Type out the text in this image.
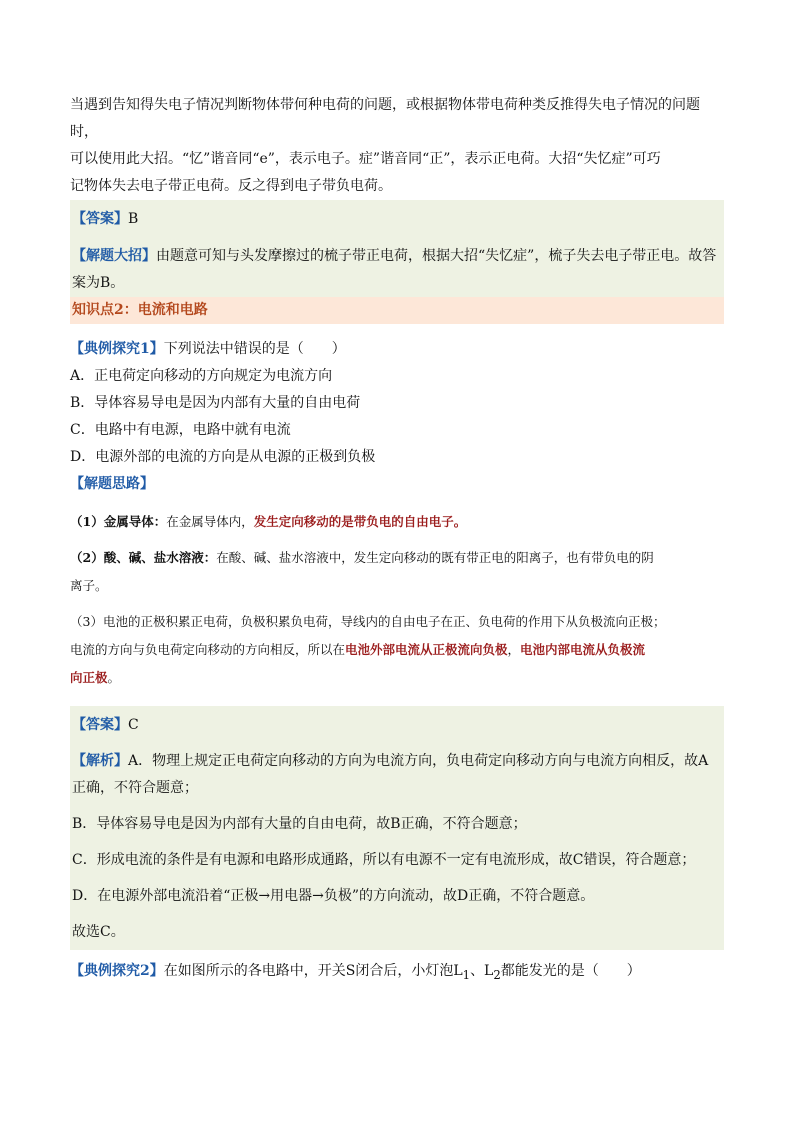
当遇到告知得失电子情况判断物体带何种电荷的问题，或根据物体带电荷种类反推得失电子情况的问题时，

可以使用此大招。“忆”谐音同“e”，表示电子。症”谐音同“正”，表示正电荷。大招“失忆症”可巧

记物体失去电子带正电荷。反之得到电子带负电荷。

【答案】B

【解题大招】由题意可知与头发摩擦过的梳子带正电荷，根据大招“失忆症”，梳子失去电子带正电。故答

案为B。

知识点2：电流和电路

【典例探究1】下列说法中错误的是（　　）

A．正电荷定向移动的方向规定为电流方向

B．导体容易导电是因为内部有大量的自由电荷

C．电路中有电源，电路中就有电流

D．电源外部的电流的方向是从电源的正极到负极

【解题思路】

（1）金属导体：在金属导体内，发生定向移动的是带负电的自由电子。

（2）酸、碱、盐水溶液：在酸、碱、盐水溶液中，发生定向移动的既有带正电的阳离子，也有带负电的阴

离子。

（3）电池的正极积累正电荷，负极积累负电荷，导线内的自由电子在正、负电荷的作用下从负极流向正极；

电流的方向与负电荷定向移动的方向相反，所以在电池外部电流从正极流向负极，电池内部电流从负极流

向正极。

【答案】C

【解析】A．物理上规定正电荷定向移动的方向为电流方向，负电荷定向移动方向与电流方向相反，故A

正确，不符合题意；

B．导体容易导电是因为内部有大量的自由电荷，故B正确，不符合题意；

C．形成电流的条件是有电源和电路形成通路，所以有电源不一定有电流形成，故C错误，符合题意；

D．在电源外部电流沿着“正极→用电器→负极”的方向流动，故D正确，不符合题意。

故选C。

【典例探究2】在如图所示的各电路中，开关S闭合后，小灯泡$L_1$、$L_2$都能发光的是（　　）
